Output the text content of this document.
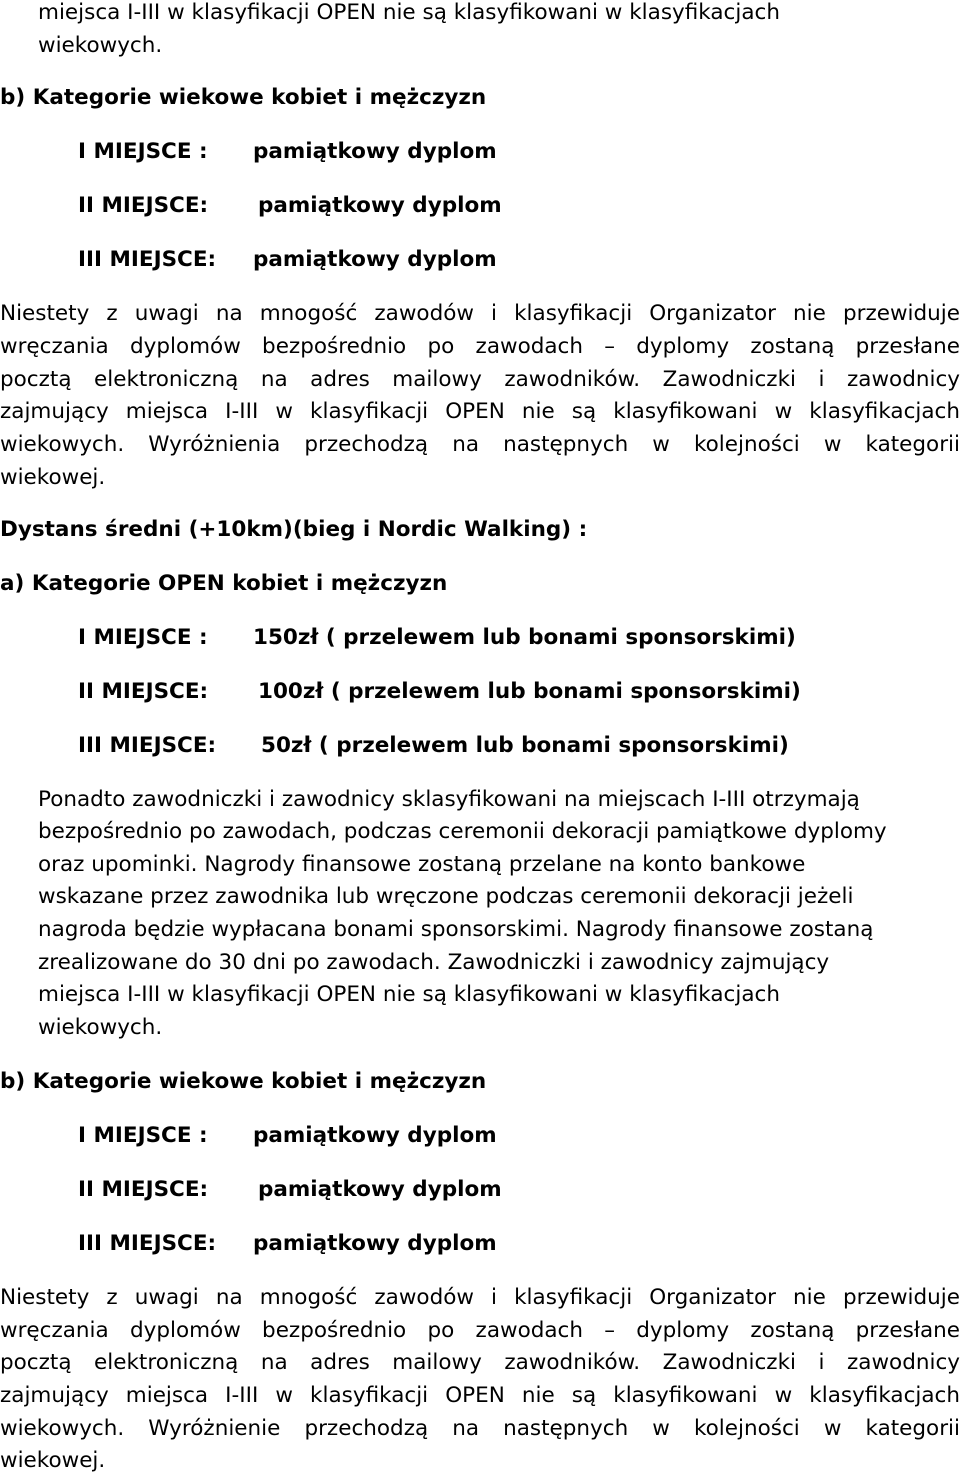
miejsca I-III w klasyfikacji OPEN nie są klasyfikowani w klasyfikacjach
wiekowych.
b) Kategorie wiekowe kobiet i mężczyzn
I MIEJSCE : pamiątkowy dyplom
II MIEJSCE: pamiątkowy dyplom
III MIEJSCE: pamiątkowy dyplom
Niestety z uwagi na mnogość zawodów i klasyfikacji Organizator nie przewiduje
wręczania dyplomów bezpośrednio po zawodach – dyplomy zostaną przesłane
pocztą elektroniczną na adres mailowy zawodników. Zawodniczki i zawodnicy
zajmujący miejsca I-III w klasyfikacji OPEN nie są klasyfikowani w klasyfikacjach
wiekowych. Wyróżnienia przechodzą na następnych w kolejności w kategorii
wiekowej.
Dystans średni (+10km)(bieg i Nordic Walking) :
a) Kategorie OPEN kobiet i mężczyzn
I MIEJSCE : 150zł ( przelewem lub bonami sponsorskimi)
II MIEJSCE: 100zł ( przelewem lub bonami sponsorskimi)
III MIEJSCE: 50zł ( przelewem lub bonami sponsorskimi)
Ponadto zawodniczki i zawodnicy sklasyfikowani na miejscach I-III otrzymają
bezpośrednio po zawodach, podczas ceremonii dekoracji pamiątkowe dyplomy
oraz upominki. Nagrody finansowe zostaną przelane na konto bankowe
wskazane przez zawodnika lub wręczone podczas ceremonii dekoracji jeżeli
nagroda będzie wypłacana bonami sponsorskimi. Nagrody finansowe zostaną
zrealizowane do 30 dni po zawodach. Zawodniczki i zawodnicy zajmujący
miejsca I-III w klasyfikacji OPEN nie są klasyfikowani w klasyfikacjach
wiekowych.
b) Kategorie wiekowe kobiet i mężczyzn
I MIEJSCE : pamiątkowy dyplom
II MIEJSCE: pamiątkowy dyplom
III MIEJSCE: pamiątkowy dyplom
Niestety z uwagi na mnogość zawodów i klasyfikacji Organizator nie przewiduje
wręczania dyplomów bezpośrednio po zawodach – dyplomy zostaną przesłane
pocztą elektroniczną na adres mailowy zawodników. Zawodniczki i zawodnicy
zajmujący miejsca I-III w klasyfikacji OPEN nie są klasyfikowani w klasyfikacjach
wiekowych. Wyróżnienie przechodzą na następnych w kolejności w kategorii
wiekowej.
